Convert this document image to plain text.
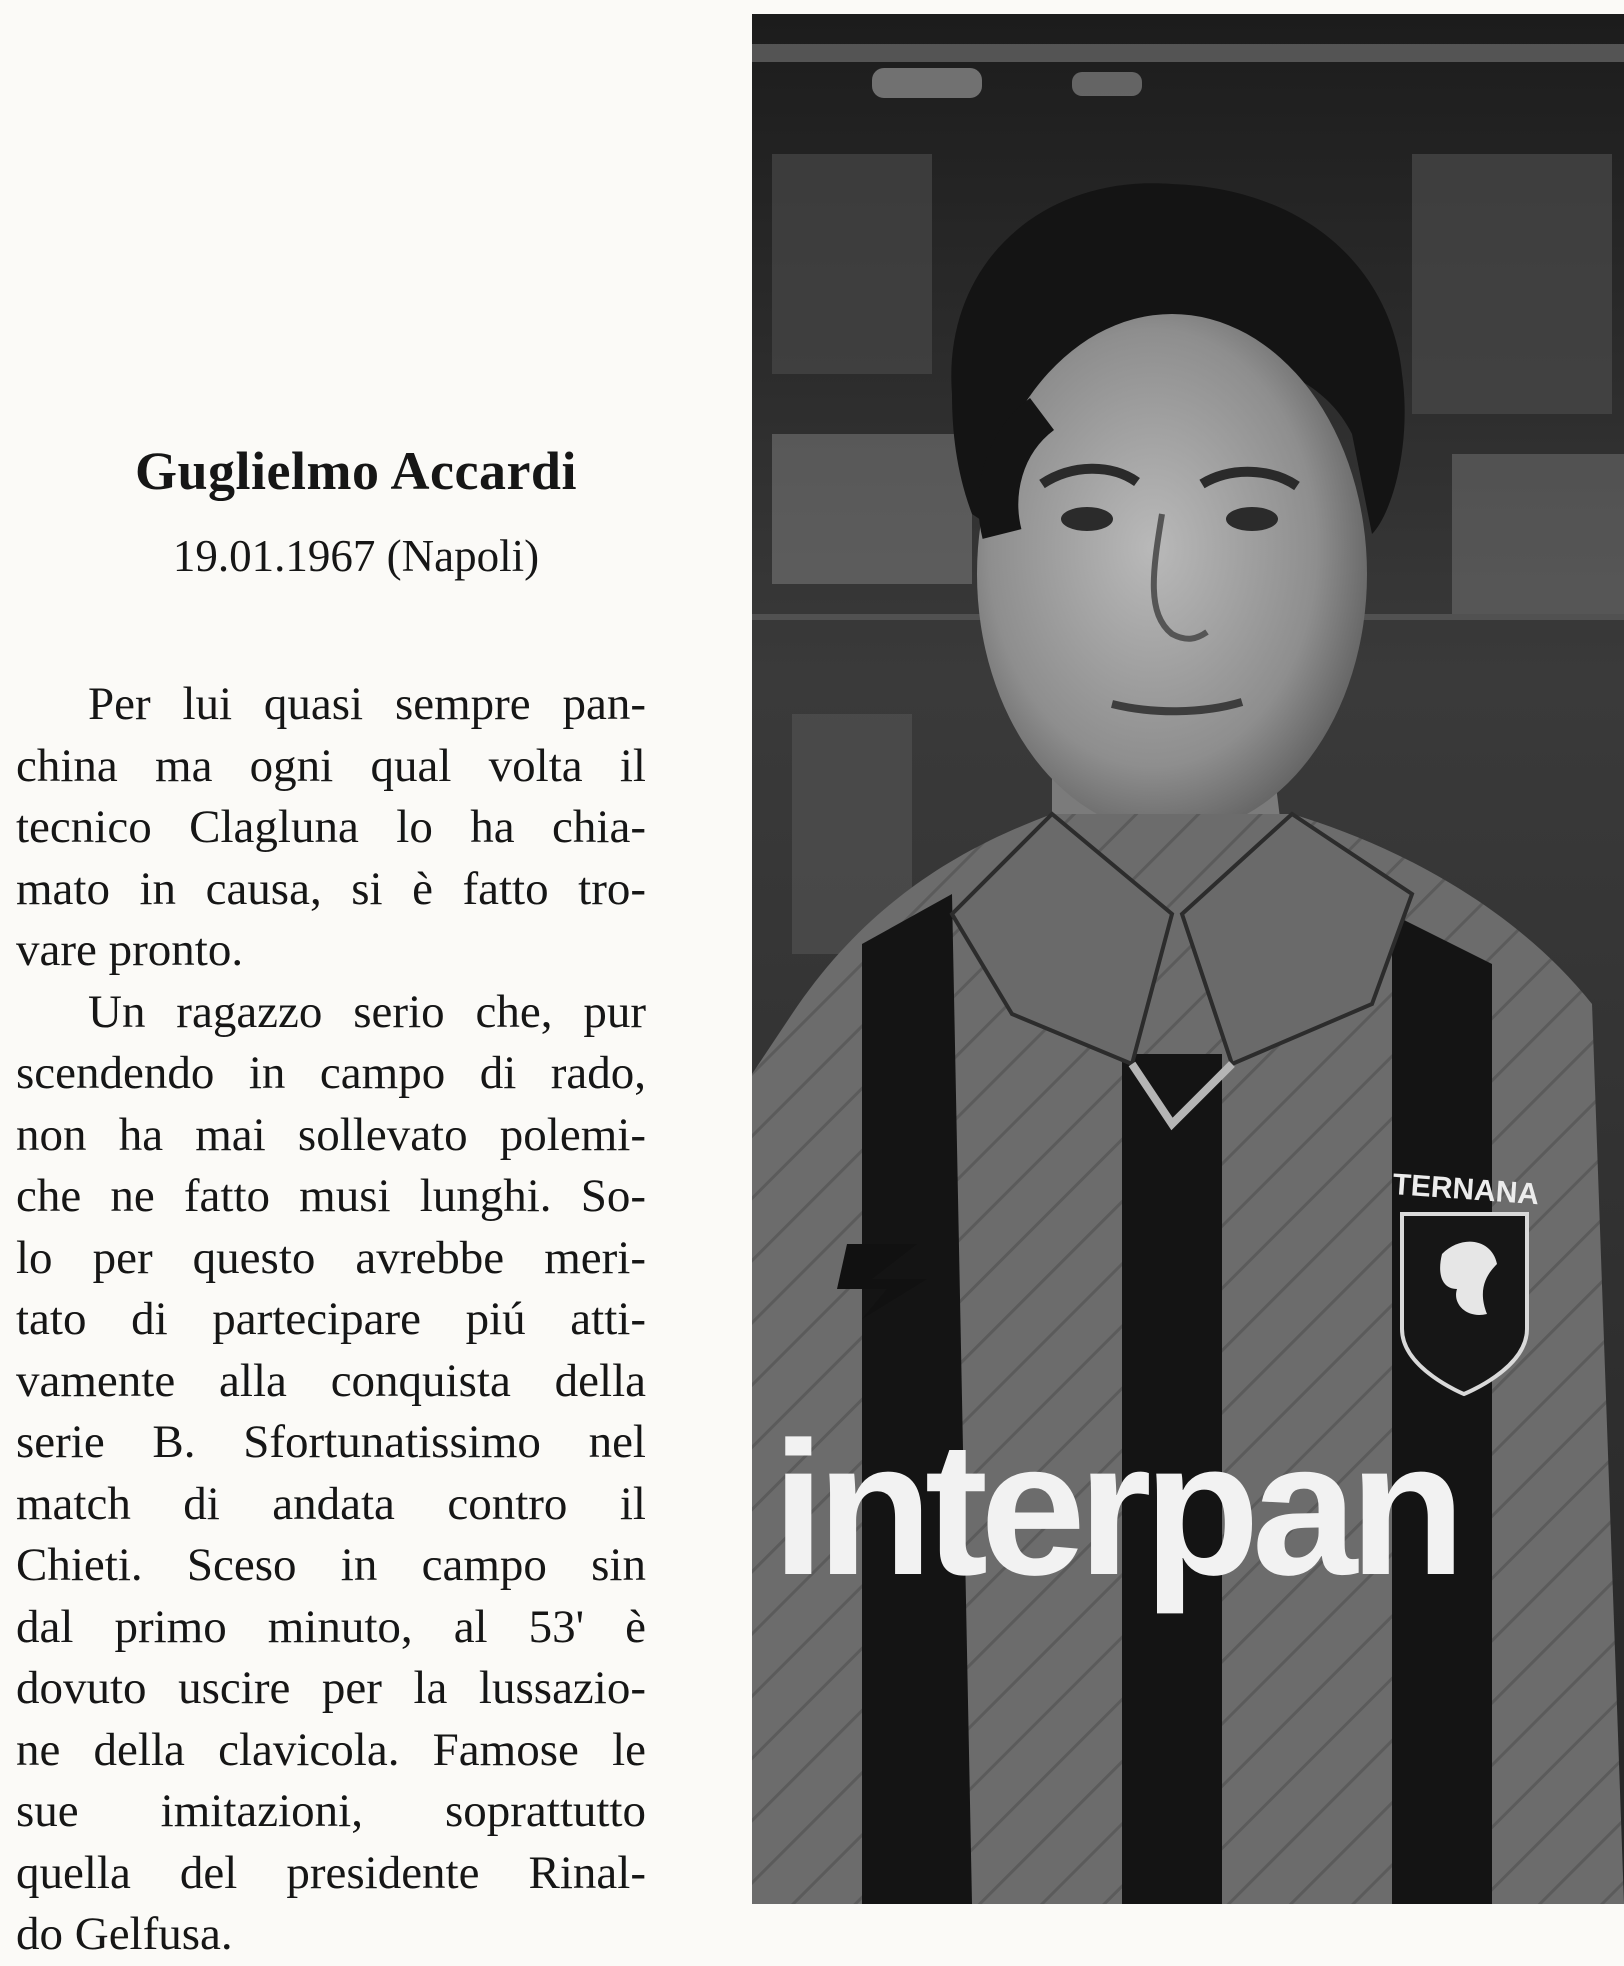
Guglielmo Accardi
19.01.1967 (Napoli)
Per lui quasi sempre pan-
china ma ogni qual volta il
tecnico Clagluna lo ha chia-
mato in causa, si è fatto tro-
vare pronto.
Un ragazzo serio che, pur
scendendo in campo di rado,
non ha mai sollevato polemi-
che ne fatto musi lunghi. So-
lo per questo avrebbe meri-
tato di partecipare piú atti-
vamente alla conquista della
serie B. Sfortunatissimo nel
match di andata contro il
Chieti. Sceso in campo sin
dal primo minuto, al 53' è
dovuto uscire per la lussazio-
ne della clavicola. Famose le
sue imitazioni, soprattutto
quella del presidente Rinal-
do Gelfusa.
TERNANA
interpan
